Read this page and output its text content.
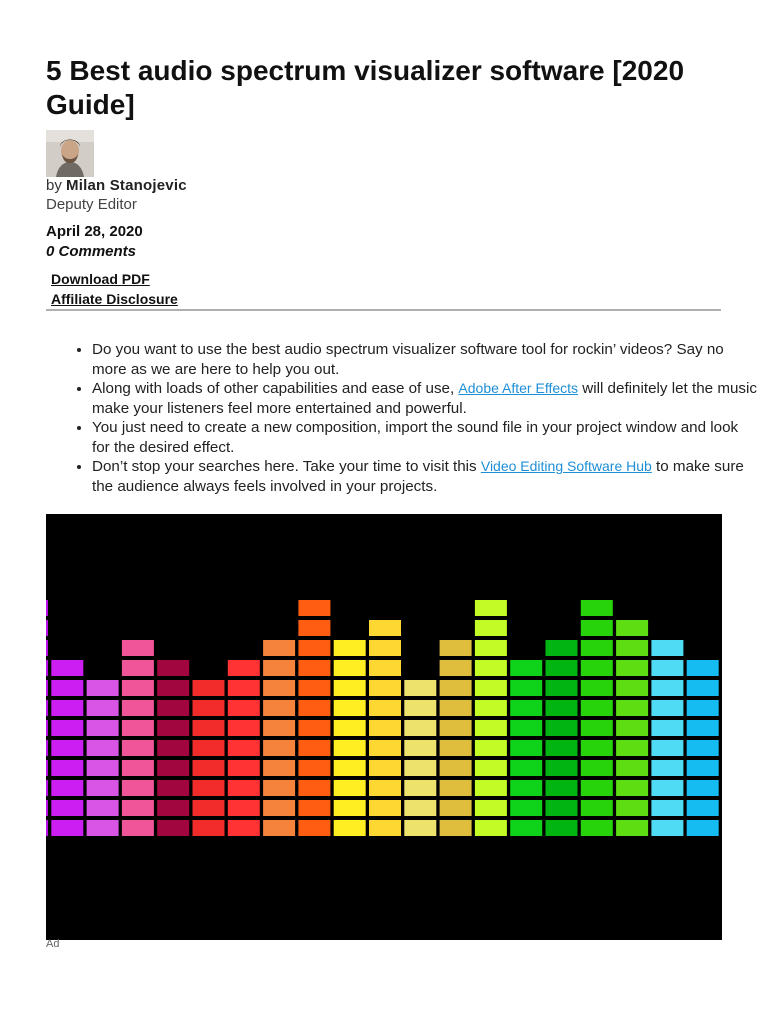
5 Best audio spectrum visualizer software [2020 Guide]
by Milan Stanojevic
Deputy Editor
April 28, 2020
0 Comments
Download PDF
Affiliate Disclosure
• Do you want to use the best audio spectrum visualizer software tool for rockin’ videos? Say no more as we are here to help you out.
• Along with loads of other capabilities and ease of use, Adobe After Effects will definitely let the music make your listeners feel more entertained and powerful.
• You just need to create a new composition, import the sound file in your project window and look for the desired effect.
• Don’t stop your searches here. Take your time to visit this Video Editing Software Hub to make sure the audience always feels involved in your projects.
Ad
